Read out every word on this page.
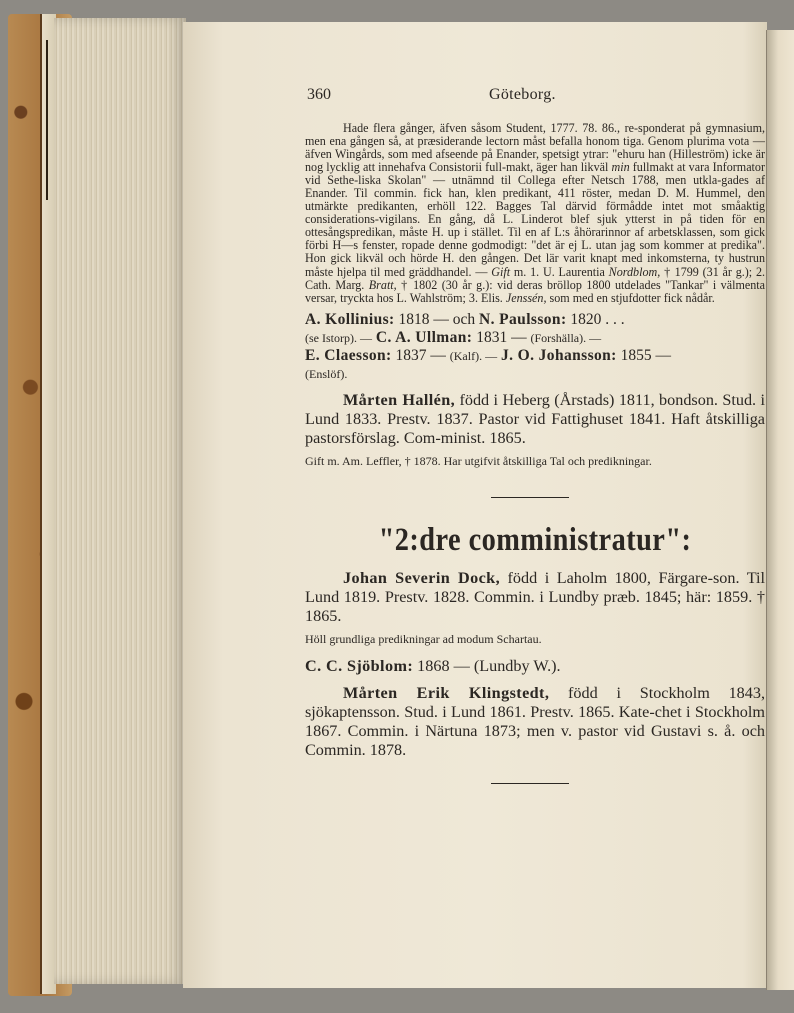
360	Göteborg.

Hade flera gånger, äfven såsom Student, 1777. 78. 86., re-sponderat på gymnasium, men ena gången så, at præsiderande lectorn måst befalla honom tiga. Genom plurima vota — äfven Wingårds, som med afseende på Enander, spetsigt ytrar: "ehuru han (Hilleström) icke är nog lycklig att innehafva Consistorii full-makt, äger han likväl min fullmakt at vara Informator vid Sethe-liska Skolan" — utnämnd til Collega efter Netsch 1788, men utkla-gades af Enander. Til commin. fick han, klen predikant, 411 röster, medan D. M. Hummel, den utmärkte predikanten, erhöll 122. Bagges Tal därvid förmådde intet mot småaktig considerations-vigilans. En gång, då L. Linderot blef sjuk ytterst in på tiden för en ottesångspredikan, måste H. up i stället. Til en af L:s åhörarinnor af arbetsklassen, som gick förbi H—s fenster, ropade denne godmodigt: "det är ej L. utan jag som kommer at predika". Hon gick likväl och hörde H. den gången. Det lär varit knapt med inkomsterna, ty hustrun måste hjelpa til med gräddhandel. — Gift m. 1. U. Laurentia Nordblom, † 1799 (31 år g.); 2. Cath. Marg. Bratt, † 1802 (30 år g.): vid deras bröllop 1800 utdelades "Tankar" i välmenta versar, tryckta hos L. Wahlström; 3. Elis. Jenssén, som med en stjufdotter fick nådår.

A. Kollinius: 1818 — och N. Paulsson: 1820 . . .
(se Istorp). — C. A. Ullman: 1831 — (Forshälla). —
E. Claesson: 1837 — (Kalf). — J. O. Johansson: 1855 —
(Enslöf).

Mårten Hallén, född i Heberg (Årstads) 1811, bondson. Stud. i Lund 1833. Prestv. 1837. Pastor vid Fattighuset 1841. Haft åtskilliga pastorsförslag. Com-minist. 1865.

Gift m. Am. Leffler, † 1878. Har utgifvit åtskilliga Tal och predikningar.

"2:dre comministratur":

Johan Severin Dock, född i Laholm 1800, Färgare-son. Til Lund 1819. Prestv. 1828. Commin. i Lundby præb. 1845; här: 1859. † 1865.

Höll grundliga predikningar ad modum Schartau.

C. C. Sjöblom: 1868 — (Lundby W.).

Mårten Erik Klingstedt, född i Stockholm 1843, sjökaptensson. Stud. i Lund 1861. Prestv. 1865. Kate-chet i Stockholm 1867. Commin. i Närtuna 1873; men v. pastor vid Gustavi s. å. och Commin. 1878.
